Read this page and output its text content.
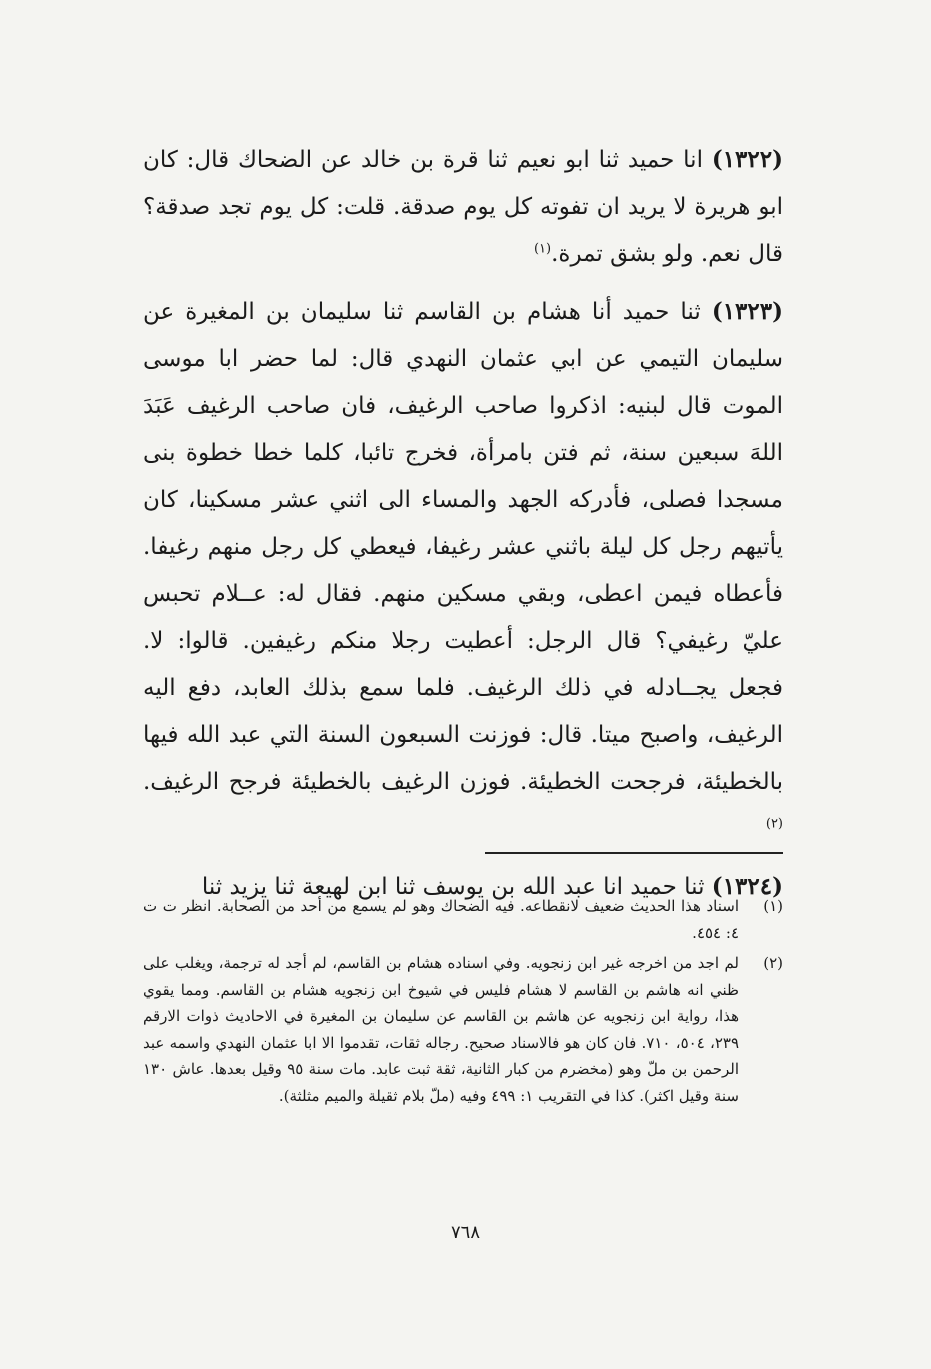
(١٣٢٢) انا حميد ثنا ابو نعيم ثنا قرة بن خالد عن الضحاك قال: كان ابو هريرة لا يريد ان تفوته كل يوم صدقة. قلت: كل يوم تجد صدقة؟ قال نعم. ولو بشق تمرة.$^{(١)}$

(١٣٢٣) ثنا حميد أنا هشام بن القاسم ثنا سليمان بن المغيرة عن سليمان التيمي عن ابي عثمان النهدي قال: لما حضر ابا موسى الموت قال لبنيه: اذكروا صاحب الرغيف، فان صاحب الرغيف عَبَدَ اللهَ سبعين سنة، ثم فتن بامرأة، فخرج تائبا، كلما خطا خطوة بنى مسجدا فصلى، فأدركه الجهد والمساء الى اثني عشر مسكينا، كان يأتيهم رجل كل ليلة باثني عشر رغيفا، فيعطي كل رجل منهم رغيفا. فأعطاه فيمن اعطى، وبقي مسكين منهم. فقال له: عــلام تحبس عليّ رغيفي؟ قال الرجل: أعطيت رجلا منكم رغيفين. قالوا: لا. فجعل يجــادله في ذلك الرغيف. فلما سمع بذلك العابد، دفع اليه الرغيف، واصبح ميتا. قال: فوزنت السبعون السنة التي عبد الله فيها بالخطيئة، فرجحت الخطيئة. فوزن الرغيف بالخطيئة فرجح الرغيف.$^{(٢)}$

(١٣٢٤) ثنا حميد انا عبد الله بن يوسف ثنا ابن لهيعة ثنا يزيد ثنا

(١)
اسناد هذا الحديث ضعيف لانقطاعه. فيه الضحاك وهو لم يسمع من أحد من الصحابة. انظر ت ت ٤: ٤٥٤.
(٢)
لم اجد من اخرجه غير ابن زنجويه. وفي اسناده هشام بن القاسم، لم أجد له ترجمة، ويغلب على ظني انه هاشم بن القاسم لا هشام فليس في شيوخ ابن زنجويه هشام بن القاسم. ومما يقوي هذا، رواية ابن زنجويه عن هاشم بن القاسم عن سليمان بن المغيرة في الاحاديث ذوات الارقم ٢٣٩، ٥٠٤، ٧١٠. فان كان هو فالاسناد صحيح. رجاله ثقات، تقدموا الا ابا عثمان النهدي واسمه عبد الرحمن بن ملّ وهو (مخضرم من كبار الثانية، ثقة ثبت عابد. مات سنة ٩٥ وقيل بعدها. عاش ١٣٠ سنة وقيل اكثر). كذا في التقريب ١: ٤٩٩ وفيه (ملّ بلام ثقيلة والميم مثلثة).
٧٦٨
